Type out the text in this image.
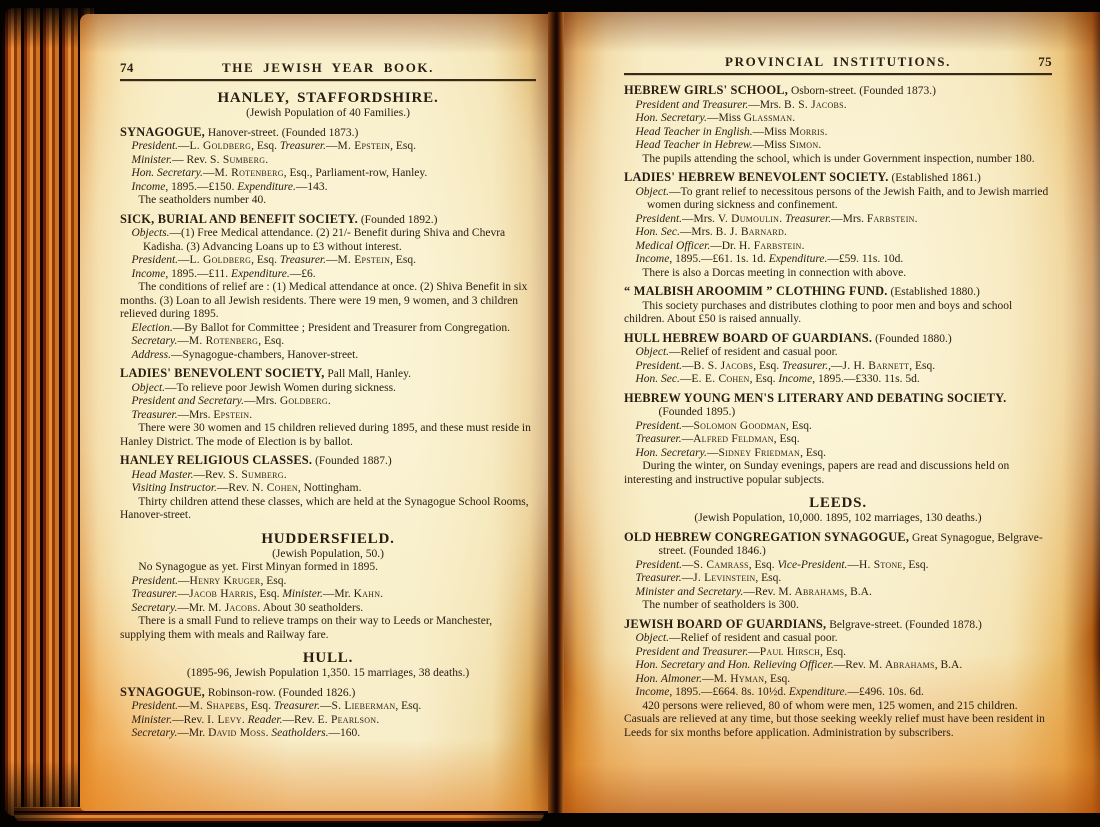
74	THE JEWISH YEAR BOOK.
HANLEY, STAFFORDSHIRE.
(Jewish Population of 40 Families.)
SYNAGOGUE, Hanover-street. (Founded 1873.)
President.—L. Goldberg, Esq. Treasurer.—M. Epstein, Esq.
Minister.— Rev. S. Sumberg.
Hon. Secretary.—M. Rotenberg, Esq., Parliament-row, Hanley.
Income, 1895.—£150. Expenditure.—143.
The seatholders number 40.
SICK, BURIAL AND BENEFIT SOCIETY. (Founded 1892.)
Objects.—(1) Free Medical attendance. (2) 21/- Benefit during Shiva and Chevra Kadisha. (3) Advancing Loans up to £3 without interest.
President.—L. Goldberg, Esq. Treasurer.—M. Epstein, Esq.
Income, 1895.—£11. Expenditure.—£6.
The conditions of relief are : (1) Medical attendance at once. (2) Shiva Benefit in six months. (3) Loan to all Jewish residents. There were 19 men, 9 women, and 3 children relieved during 1895.
Election.—By Ballot for Committee ; President and Treasurer from Congregation.
Secretary.—M. Rotenberg, Esq.
Address.—Synagogue-chambers, Hanover-street.
LADIES' BENEVOLENT SOCIETY, Pall Mall, Hanley.
Object.—To relieve poor Jewish Women during sickness.
President and Secretary.—Mrs. Goldberg.
Treasurer.—Mrs. Epstein.
There were 30 women and 15 children relieved during 1895, and these must reside in Hanley District. The mode of Election is by ballot.
HANLEY RELIGIOUS CLASSES. (Founded 1887.)
Head Master.—Rev. S. Sumberg.
Visiting Instructor.—Rev. N. Cohen, Nottingham.
Thirty children attend these classes, which are held at the Synagogue School Rooms, Hanover-street.
HUDDERSFIELD.
(Jewish Population, 50.)
No Synagogue as yet. First Minyan formed in 1895.
President.—Henry Kruger, Esq.
Treasurer.—Jacob Harris, Esq. Minister.—Mr. Kahn.
Secretary.—Mr. M. Jacobs. About 30 seatholders.
There is a small Fund to relieve tramps on their way to Leeds or Manchester, supplying them with meals and Railway fare.
HULL.
(1895-96, Jewish Population 1,350. 15 marriages, 38 deaths.)
SYNAGOGUE, Robinson-row. (Founded 1826.)
President.—M. Shapebs, Esq. Treasurer.—S. Lieberman, Esq.
Minister.—Rev. I. Levy. Reader.—Rev. E. Pearlson.
Secretary.—Mr. David Moss. Seatholders.—160.
PROVINCIAL INSTITUTIONS.	75
HEBREW GIRLS' SCHOOL, Osborn-street. (Founded 1873.)
President and Treasurer.—Mrs. B. S. Jacobs.
Hon. Secretary.—Miss Glassman.
Head Teacher in English.—Miss Morris.
Head Teacher in Hebrew.—Miss Simon.
The pupils attending the school, which is under Government inspection, number 180.
LADIES' HEBREW BENEVOLENT SOCIETY. (Established 1861.)
Object.—To grant relief to necessitous persons of the Jewish Faith, and to Jewish married women during sickness and confinement.
President.—Mrs. V. Dumoulin. Treasurer.—Mrs. Farbstein.
Hon. Sec.—Mrs. B. J. Barnard.
Medical Officer.—Dr. H. Farbstein.
Income, 1895.—£61. 1s. 1d. Expenditure.—£59. 11s. 10d.
There is also a Dorcas meeting in connection with above.
“ MALBISH AROOMIM ” CLOTHING FUND. (Established 1880.)
This society purchases and distributes clothing to poor men and boys and school children. About £50 is raised annually.
HULL HEBREW BOARD OF GUARDIANS. (Founded 1880.)
Object.—Relief of resident and casual poor.
President.—B. S. Jacobs, Esq. Treasurer.,—J. H. Barnett, Esq.
Hon. Sec.—E. E. Cohen, Esq. Income, 1895.—£330. 11s. 5d.
HEBREW YOUNG MEN'S LITERARY AND DEBATING SOCIETY. (Founded 1895.)
President.—Solomon Goodman, Esq.
Treasurer.—Alfred Feldman, Esq.
Hon. Secretary.—Sidney Friedman, Esq.
During the winter, on Sunday evenings, papers are read and discussions held on interesting and instructive popular subjects.
LEEDS.
(Jewish Population, 10,000. 1895, 102 marriages, 130 deaths.)
OLD HEBREW CONGREGATION SYNAGOGUE, Great Synagogue, Belgrave-street. (Founded 1846.)
President.—S. Camrass, Esq. Vice-President.—H. Stone, Esq.
Treasurer.—J. Levinstein, Esq.
Minister and Secretary.—Rev. M. Abrahams, B.A.
The number of seatholders is 300.
JEWISH BOARD OF GUARDIANS, Belgrave-street. (Founded 1878.)
Object.—Relief of resident and casual poor.
President and Treasurer.—Paul Hirsch, Esq.
Hon. Secretary and Hon. Relieving Officer.—Rev. M. Abrahams, B.A.
Hon. Almoner.—M. Hyman, Esq.
Income, 1895.—£664. 8s. 10½d. Expenditure.—£496. 10s. 6d.
420 persons were relieved, 80 of whom were men, 125 women, and 215 children. Casuals are relieved at any time, but those seeking weekly relief must have been resident in Leeds for six months before application. Administration by subscribers.
